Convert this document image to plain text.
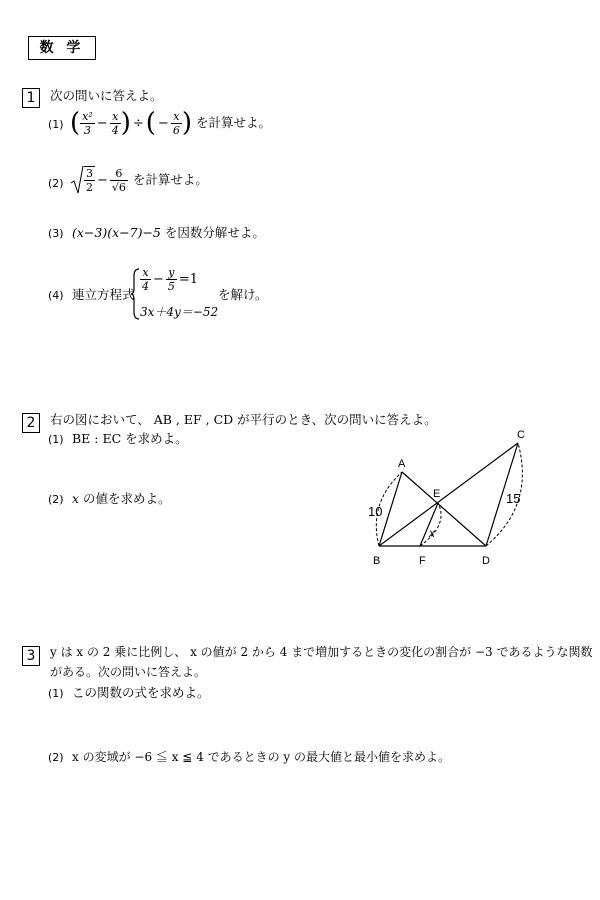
数 学
1	次の問いに答えよ。
(1) ( $\frac{\text{x²}}{3} - \frac{x}{4}$ ) ÷ ( − $\frac{x}{6}$ ) を計算せよ。
$(2) \frac{3}{2} - \frac{6}{√6}$ を計算せよ。
(3) (x−3)(x−7)−5 を因数分解せよ。
(4) 連立方程式
$\frac{x}{4} - \frac{y}{5} =1$
3x＋4y＝−52
を解け。
2	右の図において、 AB , EF , CD が平行のとき、次の問いに答えよ。
(1) BE : EC を求めよ。
(2) x の値を求めよ。
A
B
C
D
E
F
10
15
x
3	y は x の 2 乗に比例し、 x の値が 2 から 4 まで増加するときの変化の割合が −3 であるような関数
がある。次の問いに答えよ。
(1) この関数の式を求めよ。
(2) x の変域が −6 ≦ x ≦ 4 であるときの y の最大値と最小値を求めよ。
